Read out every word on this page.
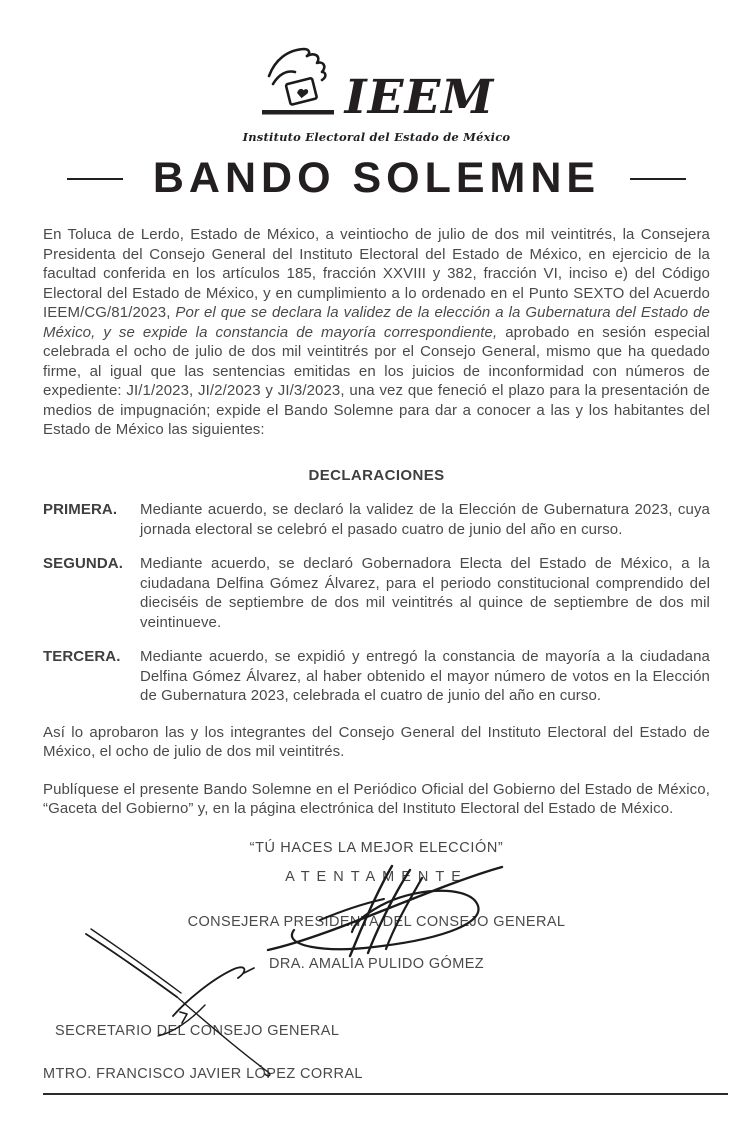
IEEM
Instituto Electoral del Estado de México
BANDO SOLEMNE

En Toluca de Lerdo, Estado de México, a veintiocho de julio de dos mil veintitrés, la Consejera Presidenta del Consejo General del Instituto Electoral del Estado de México, en ejercicio de la facultad conferida en los artículos 185, fracción XXVIII y 382, fracción VI, inciso e) del Código Electoral del Estado de México, y en cumplimiento a lo ordenado en el Punto SEXTO del Acuerdo IEEM/CG/81/2023, Por el que se declara la validez de la elección a la Gubernatura del Estado de México, y se expide la constancia de mayoría correspondiente, aprobado en sesión especial celebrada el ocho de julio de dos mil veintitrés por el Consejo General, mismo que ha quedado firme, al igual que las sentencias emitidas en los juicios de inconformidad con números de expediente: JI/1/2023, JI/2/2023 y JI/3/2023, una vez que feneció el plazo para la presentación de medios de impugnación; expide el Bando Solemne para dar a conocer a las y los habitantes del Estado de México las siguientes:

DECLARACIONES
PRIMERA.	Mediante acuerdo, se declaró la validez de la Elección de Gubernatura 2023, cuya jornada electoral se celebró el pasado cuatro de junio del año en curso.
SEGUNDA.	Mediante acuerdo, se declaró Gobernadora Electa del Estado de México, a la ciudadana Delfina Gómez Álvarez, para el periodo constitucional comprendido del dieciséis de septiembre de dos mil veintitrés al quince de septiembre de dos mil veintinueve.
TERCERA.	Mediante acuerdo, se expidió y entregó la constancia de mayoría a la ciudadana Delfina Gómez Álvarez, al haber obtenido el mayor número de votos en la Elección de Gubernatura 2023, celebrada el cuatro de junio del año en curso.

Así lo aprobaron las y los integrantes del Consejo General del Instituto Electoral del Estado de México, el ocho de julio de dos mil veintitrés.

Publíquese el presente Bando Solemne en el Periódico Oficial del Gobierno del Estado de México, “Gaceta del Gobierno” y, en la página electrónica del Instituto Electoral del Estado de México.

“TÚ HACES LA MEJOR ELECCIÓN”
ATENTAMENTE
CONSEJERA PRESIDENTA DEL CONSEJO GENERAL
DRA. AMALIA PULIDO GÓMEZ
SECRETARIO DEL CONSEJO GENERAL
MTRO. FRANCISCO JAVIER LÓPEZ CORRAL
